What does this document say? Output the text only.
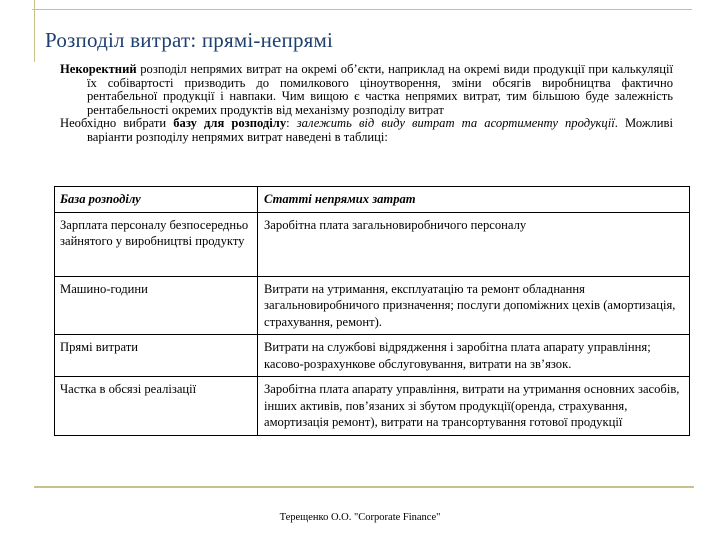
Розподіл витрат: прямі-непрямі

Некоректний розподіл непрямих витрат на окремі об’єкти, наприклад на окремі види продукції при калькуляції їх собівартості призводить до помилкового ціноутворення, зміни обсягів виробництва фактично рентабельної продукції і навпаки. Чим вищою є частка непрямих витрат, тим більшою буде залежність рентабельності окремих продуктів від механізму розподілу витрат

Необхідно вибрати базу для розподілу: залежить від виду витрат та асортименту продукції. Можливі варіанти розподілу непрямих витрат наведені в таблиці:

База розподілу	Статті непрямих затрат
Зарплата персоналу безпосередньо зайнятого у виробництві продукту	Заробітна плата загальновиробничого персоналу
Машино-години	Витрати на утримання, експлуатацію та ремонт обладнання загальновиробничого призначення; послуги допоміжних цехів (амортизація, страхування, ремонт).
Прямі витрати	Витрати на службові відрядження і заробітна плата апарату управління; касово-розрахункове обслуговування, витрати на зв’язок.
Частка в обсязі реалізації	Заробітна плата апарату управління, витрати на утримання основних засобів, інших активів, пов’язаних зі збутом продукції(оренда, страхування, амортизація ремонт), витрати на трансортування готової продукції
Терещенко О.О. "Corporate Finance"
